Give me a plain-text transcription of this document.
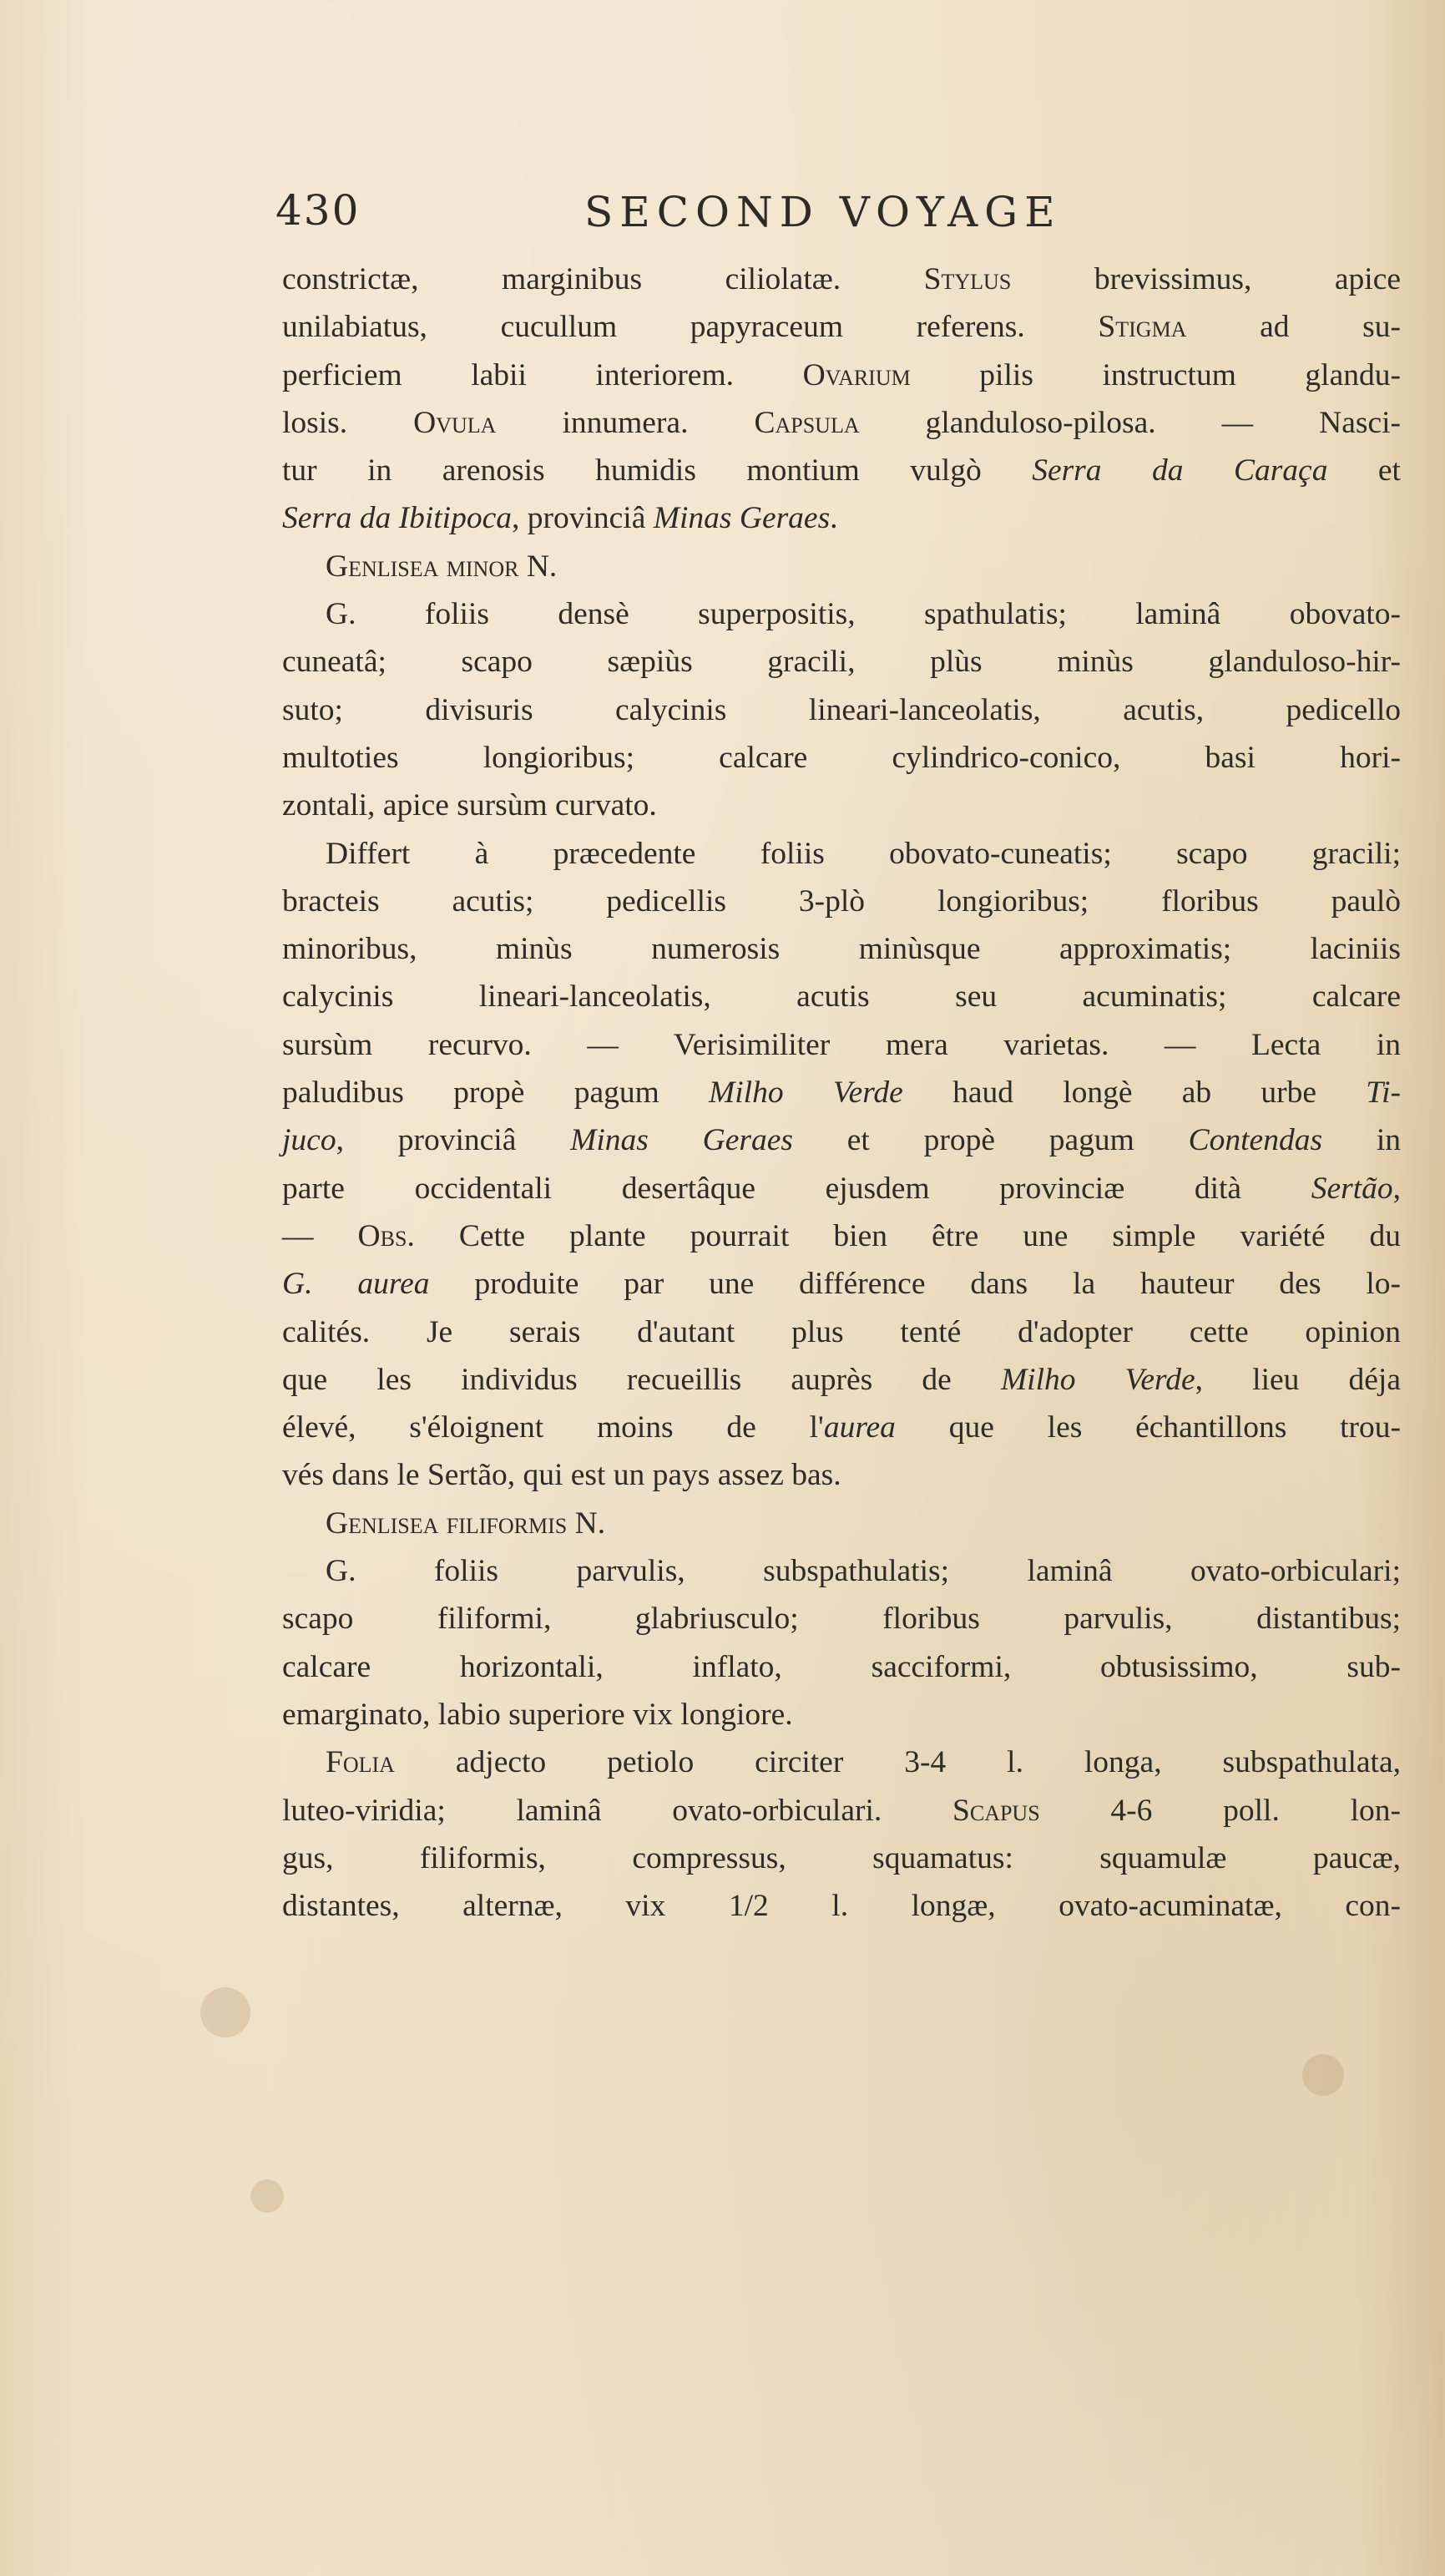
430	SECOND VOYAGE
constrictæ, marginibus ciliolatæ. Stylus brevissimus, apice
unilabiatus, cucullum papyraceum referens. Stigma ad su-
perficiem labii interiorem. Ovarium pilis instructum glandu-
losis. Ovula innumera. Capsula glanduloso-pilosa. — Nasci-
tur in arenosis humidis montium vulgò Serra da Caraça et
Serra da Ibitipoca, provinciâ Minas Geraes.
Genlisea minor N.
G. foliis densè superpositis, spathulatis; laminâ obovato-
cuneatâ; scapo sæpiùs gracili, plùs minùs glanduloso-hir-
suto; divisuris calycinis lineari-lanceolatis, acutis, pedicello
multoties longioribus; calcare cylindrico-conico, basi hori-
zontali, apice sursùm curvato.
Differt à præcedente foliis obovato-cuneatis; scapo gracili;
bracteis acutis; pedicellis 3-plò longioribus; floribus paulò
minoribus, minùs numerosis minùsque approximatis; laciniis
calycinis lineari-lanceolatis, acutis seu acuminatis; calcare
sursùm recurvo. — Verisimiliter mera varietas. — Lecta in
paludibus propè pagum Milho Verde haud longè ab urbe Ti-
juco, provinciâ Minas Geraes et propè pagum Contendas in
parte occidentali desertâque ejusdem provinciæ dità Sertão,
— Obs. Cette plante pourrait bien être une simple variété du
G. aurea produite par une différence dans la hauteur des lo-
calités. Je serais d'autant plus tenté d'adopter cette opinion
que les individus recueillis auprès de Milho Verde, lieu déja
élevé, s'éloignent moins de l'aurea que les échantillons trou-
vés dans le Sertão, qui est un pays assez bas.
Genlisea filiformis N.
G. foliis parvulis, subspathulatis; laminâ ovato-orbiculari;
scapo filiformi, glabriusculo; floribus parvulis, distantibus;
calcare horizontali, inflato, sacciformi, obtusissimo, sub-
emarginato, labio superiore vix longiore.
Folia adjecto petiolo circiter 3-4 l. longa, subspathulata,
luteo-viridia; laminâ ovato-orbiculari. Scapus 4-6 poll. lon-
gus, filiformis, compressus, squamatus: squamulæ paucæ,
distantes, alternæ, vix 1/2 l. longæ, ovato-acuminatæ, con-
